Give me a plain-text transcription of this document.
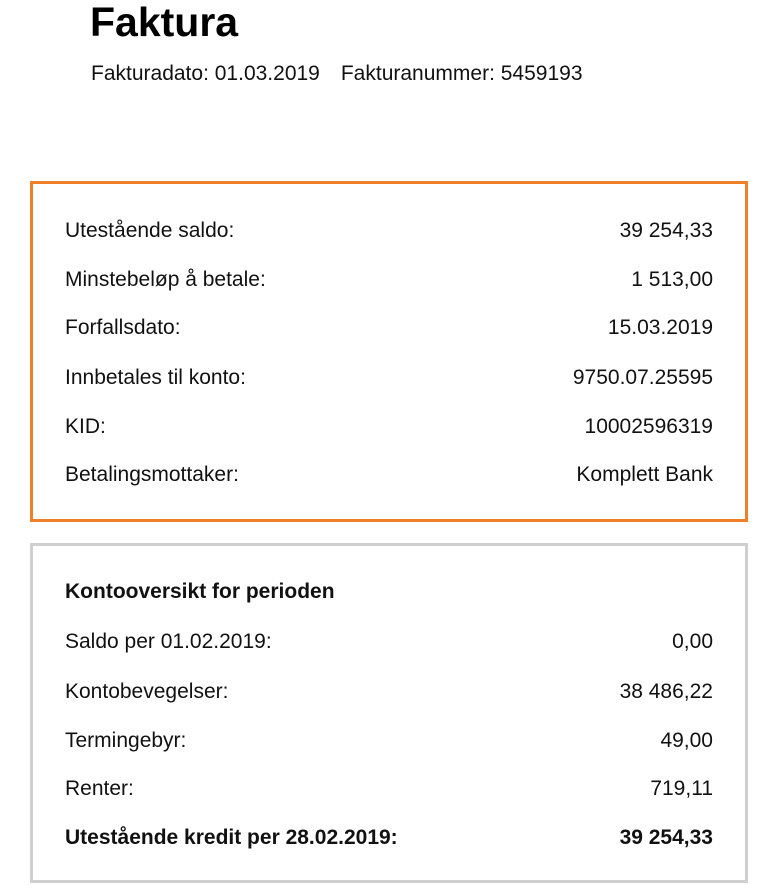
Faktura
Fakturadato: 01.03.2019 Fakturanummer: 5459193
Utestående saldo:	39 254,33
Minstebeløp å betale:	1 513,00
Forfallsdato:	15.03.2019
Innbetales til konto:	9750.07.25595
KID:	10002596319
Betalingsmottaker:	Komplett Bank
Kontooversikt for perioden
Saldo per 01.02.2019:	0,00
Kontobevegelser:	38 486,22
Termingebyr:	49,00
Renter:	719,11
Utestående kredit per 28.02.2019:	39 254,33
